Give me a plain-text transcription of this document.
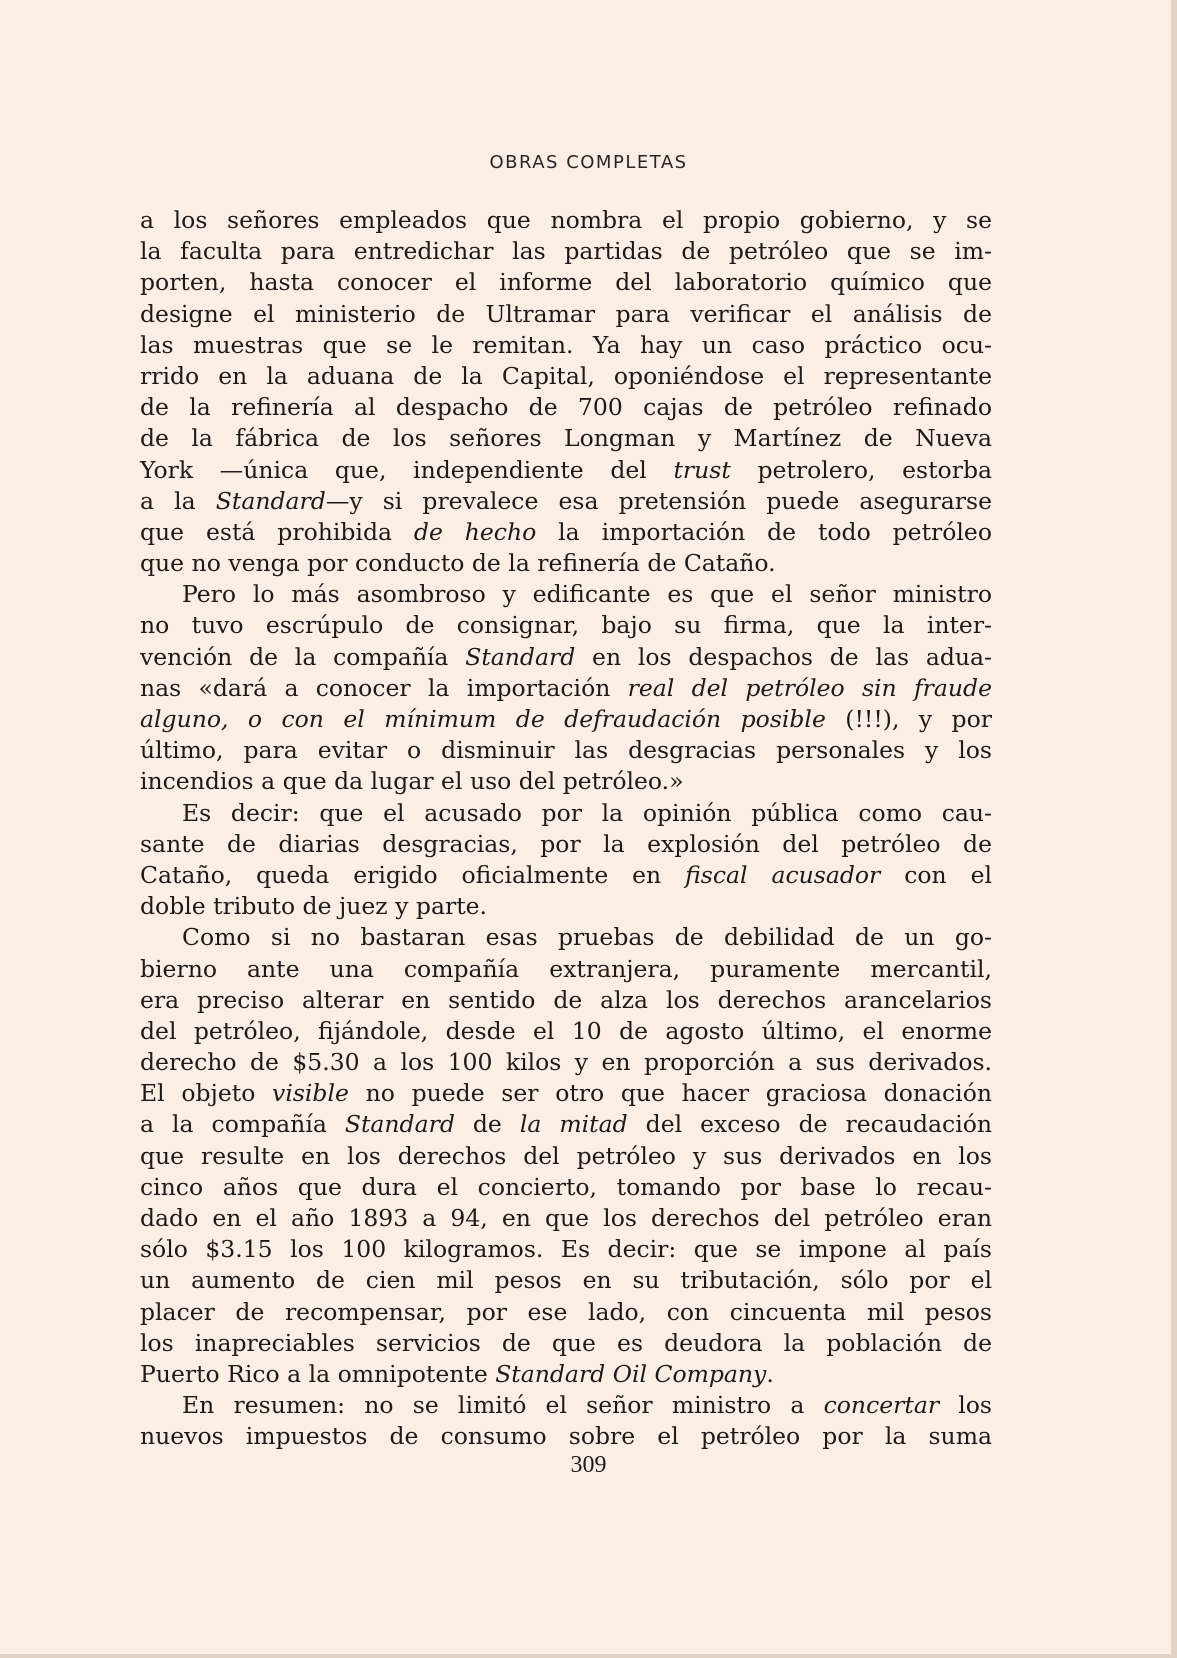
OBRAS COMPLETAS
a los señores empleados que nombra el propio gobierno, y se
la faculta para entredichar las partidas de petróleo que se im-
porten, hasta conocer el informe del laboratorio químico que
designe el ministerio de Ultramar para verificar el análisis de
las muestras que se le remitan. Ya hay un caso práctico ocu-
rrido en la aduana de la Capital, oponiéndose el representante
de la refinería al despacho de 700 cajas de petróleo refinado
de la fábrica de los señores Longman y Martínez de Nueva
York —única que, independiente del trust petrolero, estorba
a la Standard—y si prevalece esa pretensión puede asegurarse
que está prohibida de hecho la importación de todo petróleo
que no venga por conducto de la refinería de Cataño.
Pero lo más asombroso y edificante es que el señor ministro
no tuvo escrúpulo de consignar, bajo su firma, que la inter-
vención de la compañía Standard en los despachos de las adua-
nas «dará a conocer la importación real del petróleo sin fraude
alguno, o con el mínimum de defraudación posible (!!!), y por
último, para evitar o disminuir las desgracias personales y los
incendios a que da lugar el uso del petróleo.»
Es decir: que el acusado por la opinión pública como cau-
sante de diarias desgracias, por la explosión del petróleo de
Cataño, queda erigido oficialmente en fiscal acusador con el
doble tributo de juez y parte.
Como si no bastaran esas pruebas de debilidad de un go-
bierno ante una compañía extranjera, puramente mercantil,
era preciso alterar en sentido de alza los derechos arancelarios
del petróleo, fijándole, desde el 10 de agosto último, el enorme
derecho de $5.30 a los 100 kilos y en proporción a sus derivados.
El objeto visible no puede ser otro que hacer graciosa donación
a la compañía Standard de la mitad del exceso de recaudación
que resulte en los derechos del petróleo y sus derivados en los
cinco años que dura el concierto, tomando por base lo recau-
dado en el año 1893 a 94, en que los derechos del petróleo eran
sólo $3.15 los 100 kilogramos. Es decir: que se impone al país
un aumento de cien mil pesos en su tributación, sólo por el
placer de recompensar, por ese lado, con cincuenta mil pesos
los inapreciables servicios de que es deudora la población de
Puerto Rico a la omnipotente Standard Oil Company.
En resumen: no se limitó el señor ministro a concertar los
nuevos impuestos de consumo sobre el petróleo por la suma
309
